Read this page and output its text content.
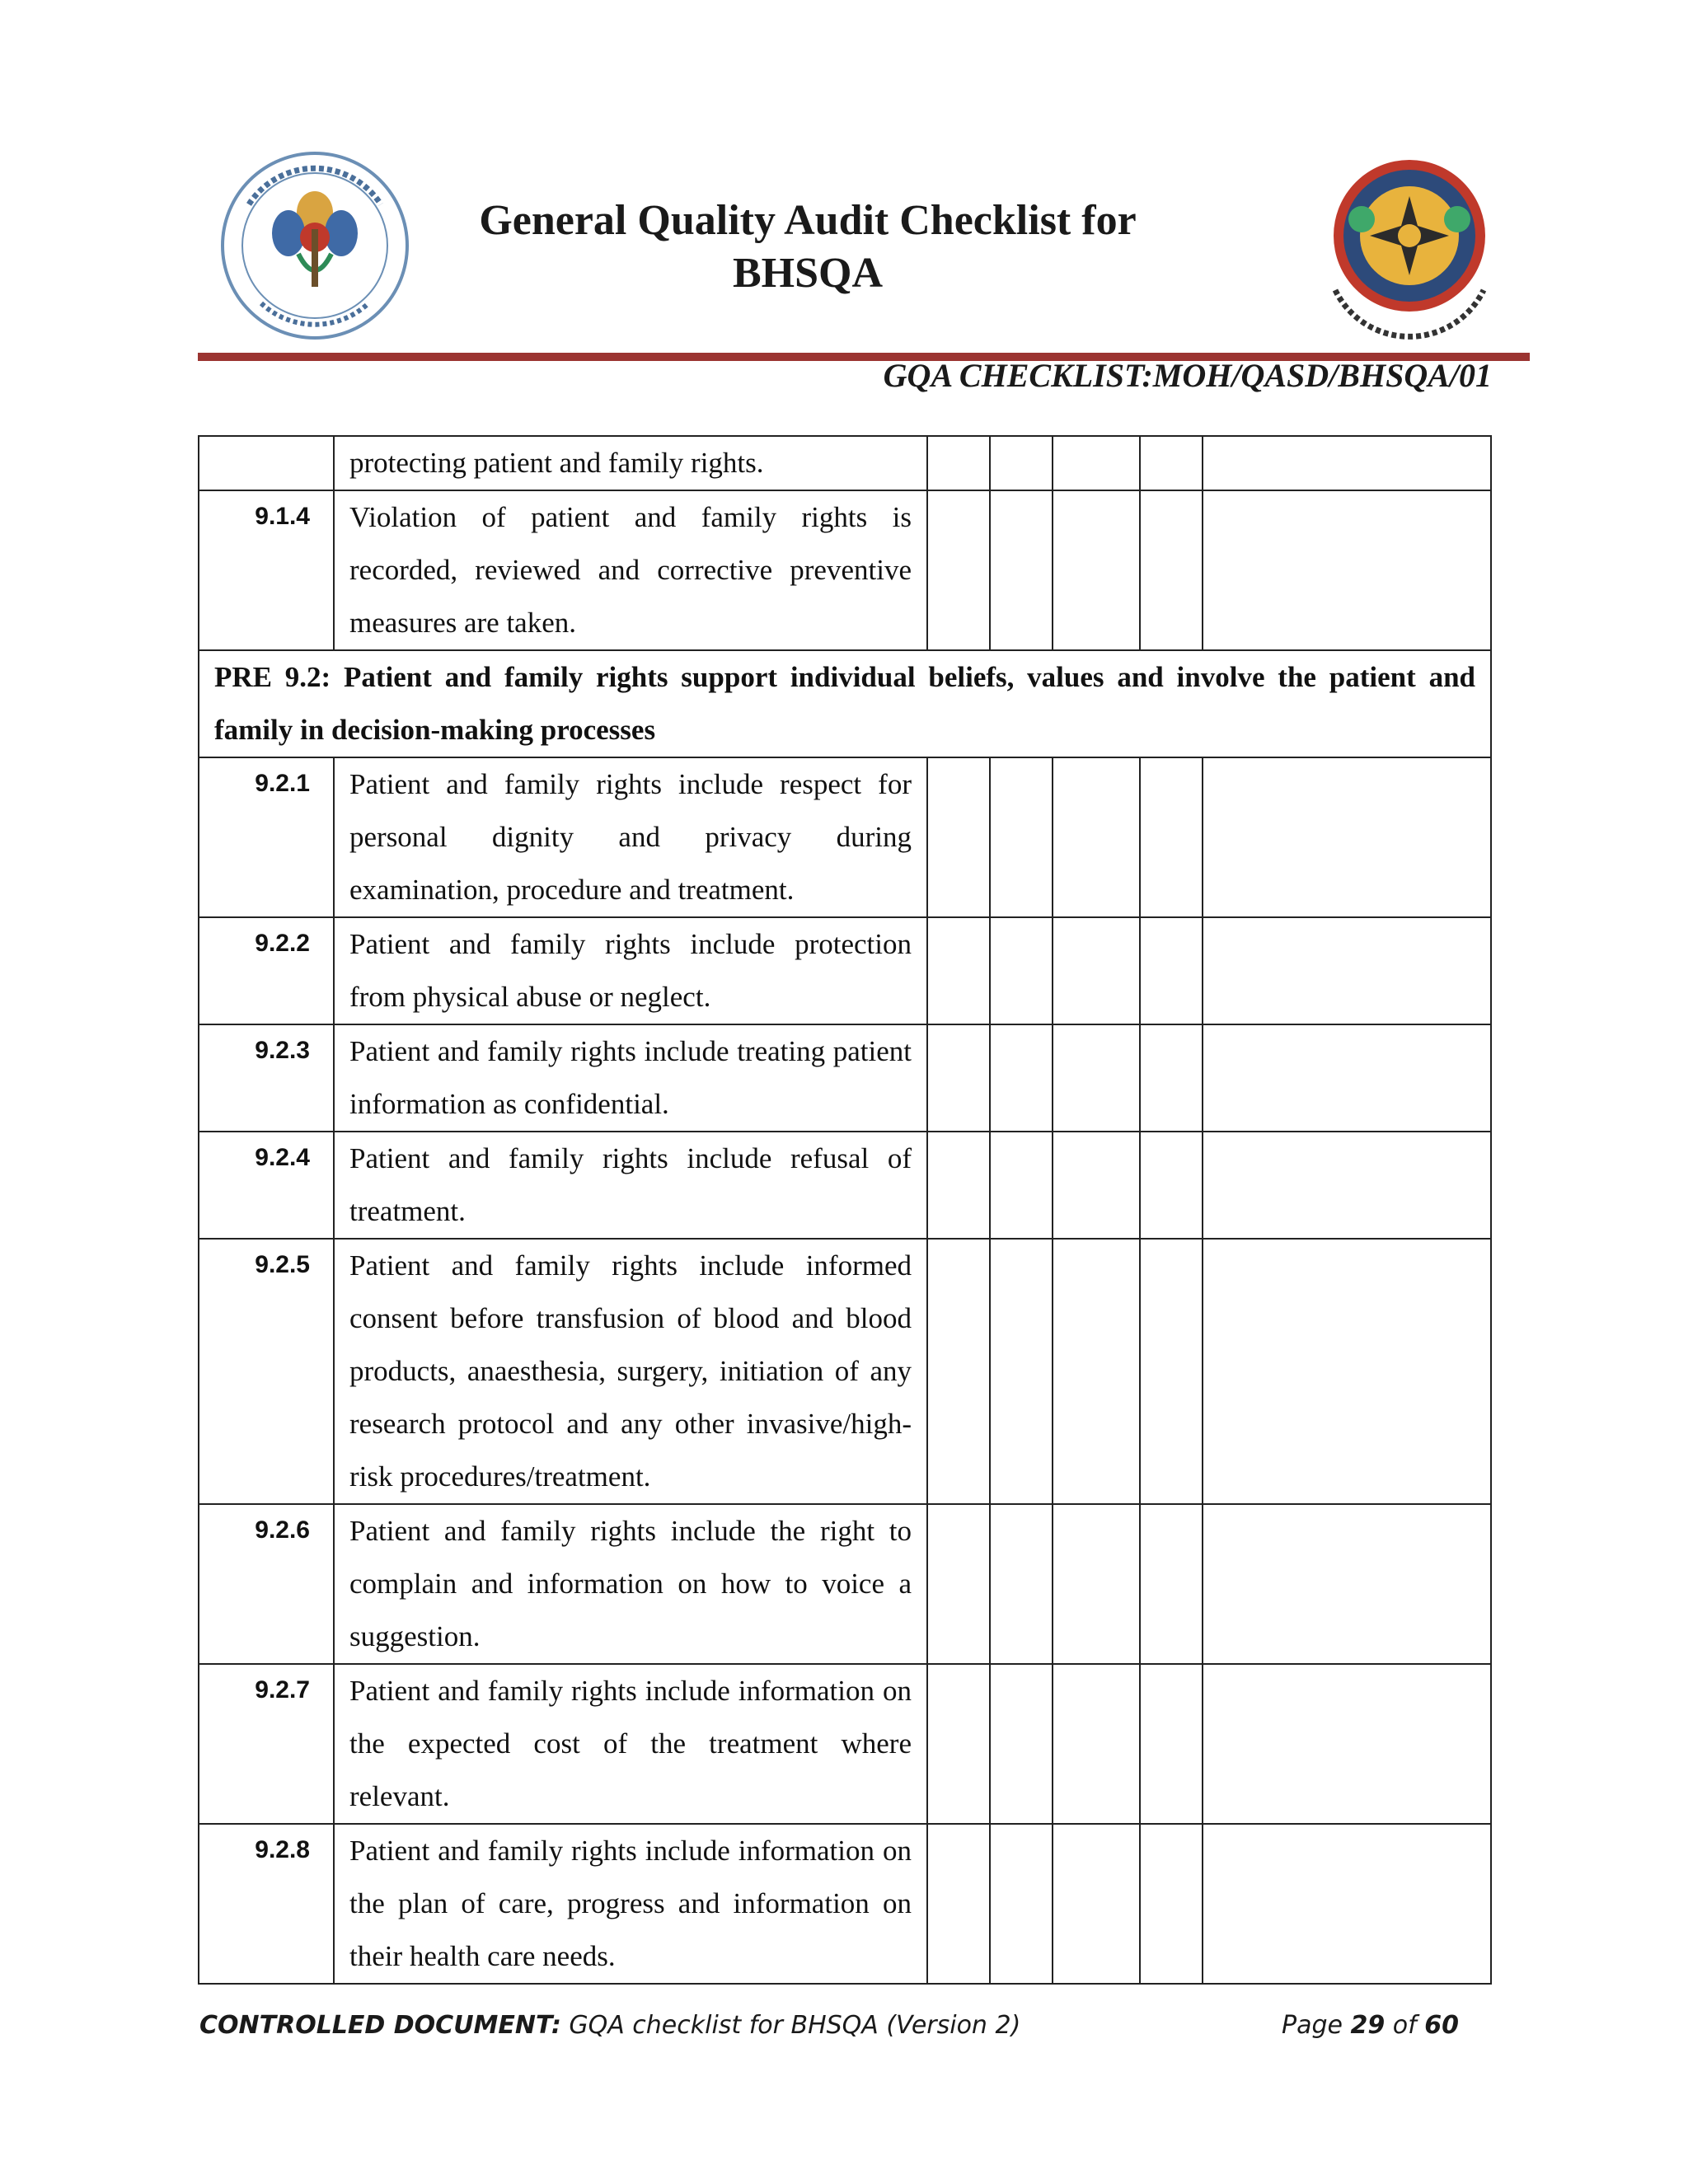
General Quality Audit Checklist for
BHSQA
GQA CHECKLIST:MOH/QASD/BHSQA/01
	protecting patient and family rights.					
9.1.4	Violation of patient and family rights is recorded, reviewed and corrective preventive measures are taken.					
PRE 9.2: Patient and family rights support individual beliefs, values and involve the patient and family in decision-making processes						
9.2.1	Patient and family rights include respect for personal dignity and privacy during examination, procedure and treatment.					
9.2.2	Patient and family rights include protection from physical abuse or neglect.					
9.2.3	Patient and family rights include treating patient information as confidential.					
9.2.4	Patient and family rights include refusal of treatment.					
9.2.5	Patient and family rights include informed consent before transfusion of blood and blood products, anaesthesia, surgery, initiation of any research protocol and any other invasive/high-risk procedures/treatment.					
9.2.6	Patient and family rights include the right to complain and information on how to voice a suggestion.					
9.2.7	Patient and family rights include information on the expected cost of the treatment where relevant.					
9.2.8	Patient and family rights include information on the plan of care, progress and information on their health care needs.					
CONTROLLED DOCUMENT: GQA checklist for BHSQA (Version 2)	Page 29 of 60
